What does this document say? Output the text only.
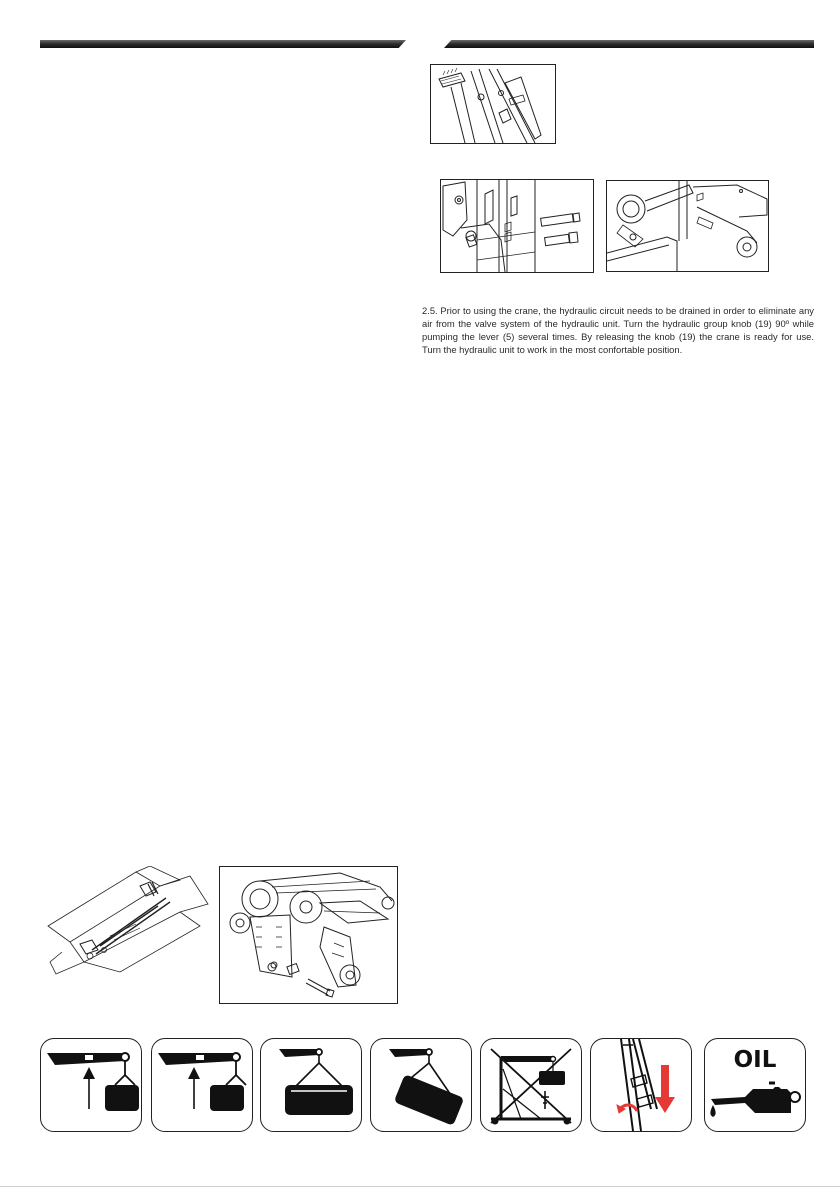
2.5. Prior to using the crane, the hydraulic circuit needs to be drained in order to eliminate any air from the valve system of the hydraulic unit. Turn the hydraulic group knob (19) 90º while pumping the lever (5) several times. By releasing the knob (19) the crane is ready for use. Turn the hydraulic unit to work in the most confortable position.
OIL
